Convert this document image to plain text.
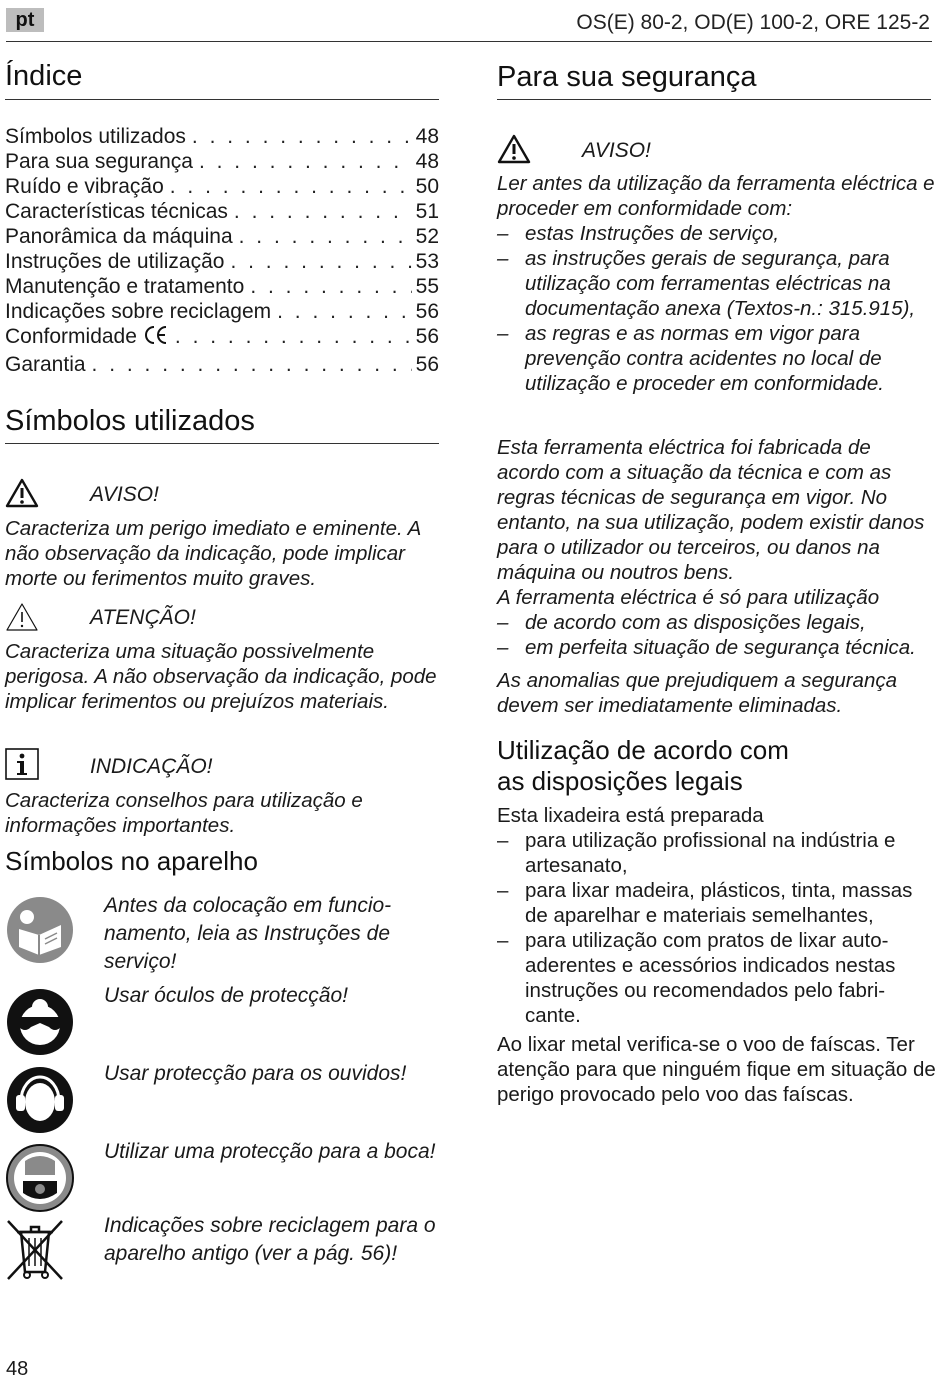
pt	OS(E) 80-2, OD(E) 100-2, ORE 125-2
Índice
Símbolos utilizados . . .	48
Para sua segurança . . .	48
Ruído e vibração . . .	50
Características técnicas . . .	51
Panorâmica da máquina . . .	52
Instruções de utilização . . .	53
Manutenção e tratamento . . .	55
Indicações sobre reciclagem . . .	56
Conformidade . . .	56
Garantia . . .	56
Símbolos utilizados
AVISO!
Caracteriza um perigo imediato e eminente. A não observação da indicação, pode implicar morte ou ferimentos muito graves.
ATENÇÃO!
Caracteriza uma situação possivelmente perigosa. A não observação da indicação, pode implicar ferimentos ou prejuízos materiais.
INDICAÇÃO!
Caracteriza conselhos para utilização e informações importantes.
Símbolos no aparelho
Antes da colocação em funcio-namento, leia as Instruções de serviço!
Usar óculos de protecção!
Usar protecção para os ouvidos!
Utilizar uma protecção para a boca!
Indicações sobre reciclagem para o aparelho antigo (ver a pág. 56)!
48
Para sua segurança
AVISO!
Ler antes da utilização da ferramenta eléctrica e proceder em conformidade com:
– estas Instruções de serviço,
– as instruções gerais de segurança, para utilização com ferramentas eléctricas na documentação anexa (Textos-n.: 315.915),
– as regras e as normas em vigor para prevenção contra acidentes no local de utilização e proceder em conformidade.
Esta ferramenta eléctrica foi fabricada de acordo com a situação da técnica e com as regras técnicas de segurança em vigor. No entanto, na sua utilização, podem existir danos para o utilizador ou terceiros, ou danos na máquina ou noutros bens.
A ferramenta eléctrica é só para utilização
– de acordo com as disposições legais,
– em perfeita situação de segurança técnica.
As anomalias que prejudiquem a segurança devem ser imediatamente eliminadas.
Utilização de acordo com
as disposições legais
Esta lixadeira está preparada
– para utilização profissional na indústria e artesanato,
– para lixar madeira, plásticos, tinta, massas de aparelhar e materiais semelhantes,
– para utilização com pratos de lixar auto-aderentes e acessórios indicados nestas instruções ou recomendados pelo fabri-cante.
Ao lixar metal verifica-se o voo de faíscas. Ter atenção para que ninguém fique em situação de perigo provocado pelo voo das faíscas.
